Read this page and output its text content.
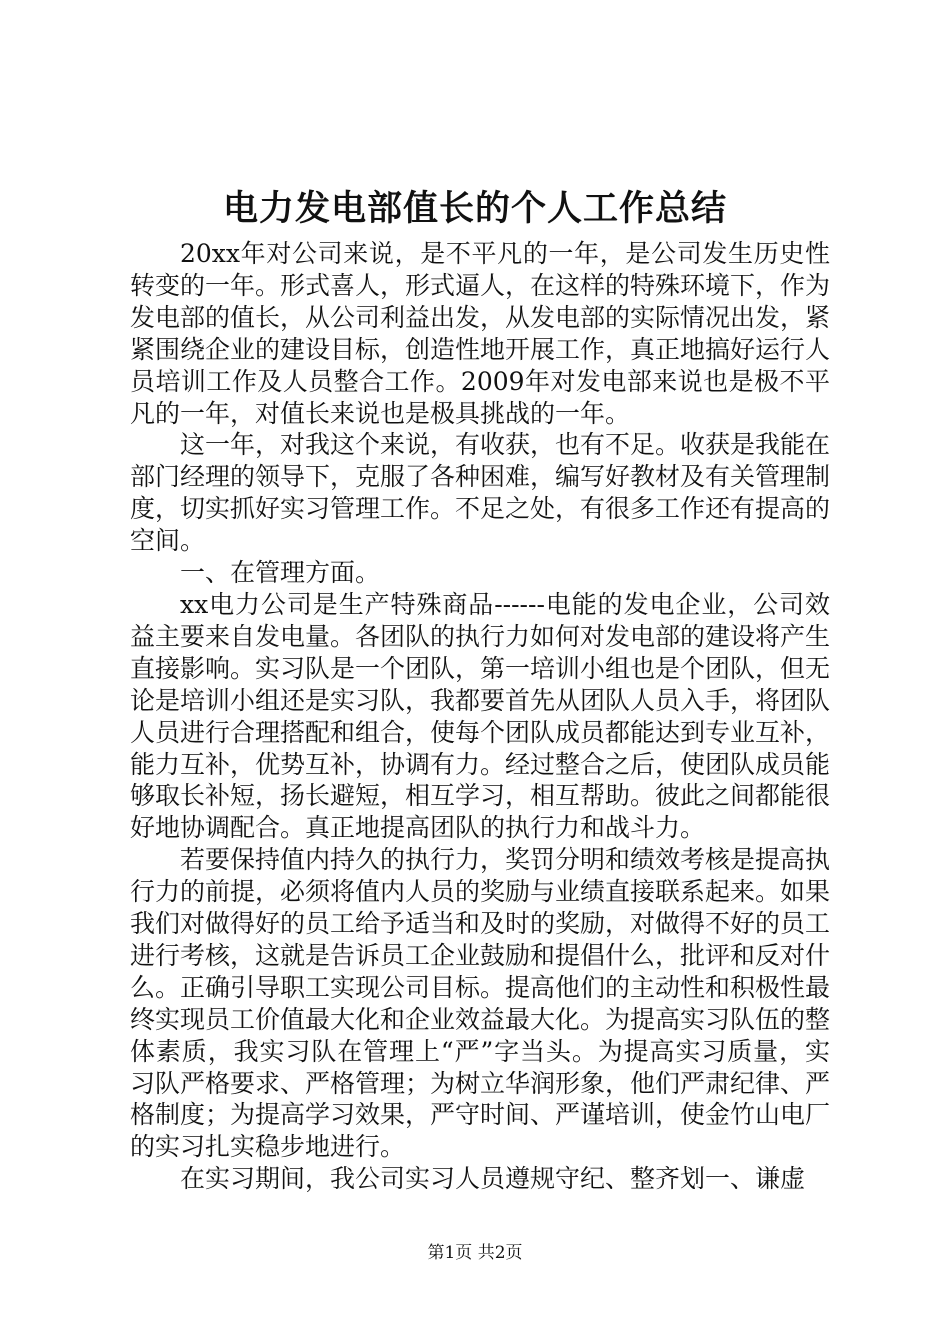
电力发电部值长的个人工作总结

20xx年对公司来说，是不平凡的一年，是公司发生历史性转变的一年。形式喜人，形式逼人，在这样的特殊环境下，作为发电部的值长，从公司利益出发，从发电部的实际情况出发，紧紧围绕企业的建设目标，创造性地开展工作，真正地搞好运行人员培训工作及人员整合工作。2009年对发电部来说也是极不平凡的一年，对值长来说也是极具挑战的一年。

这一年，对我这个来说，有收获，也有不足。收获是我能在部门经理的领导下，克服了各种困难，编写好教材及有关管理制度，切实抓好实习管理工作。不足之处，有很多工作还有提高的空间。

一、在管理方面。

xx电力公司是生产特殊商品------电能的发电企业，公司效益主要来自发电量。各团队的执行力如何对发电部的建设将产生直接影响。实习队是一个团队，第一培训小组也是个团队，但无论是培训小组还是实习队，我都要首先从团队人员入手，将团队人员进行合理搭配和组合，使每个团队成员都能达到专业互补，能力互补，优势互补，协调有力。经过整合之后，使团队成员能够取长补短，扬长避短，相互学习，相互帮助。彼此之间都能很好地协调配合。真正地提高团队的执行力和战斗力。

若要保持值内持久的执行力，奖罚分明和绩效考核是提高执行力的前提，必须将值内人员的奖励与业绩直接联系起来。如果我们对做得好的员工给予适当和及时的奖励，对做得不好的员工进行考核，这就是告诉员工企业鼓励和提倡什么，批评和反对什么。正确引导职工实现公司目标。提高他们的主动性和积极性最终实现员工价值最大化和企业效益最大化。为提高实习队伍的整体素质，我实习队在管理上“严”字当头。为提高实习质量，实习队严格要求、严格管理；为树立华润形象，他们严肃纪律、严格制度；为提高学习效果，严守时间、严谨培训，使金竹山电厂的实习扎实稳步地进行。

在实习期间，我公司实习人员遵规守纪、整齐划一、谦虚

第1页 共2页
